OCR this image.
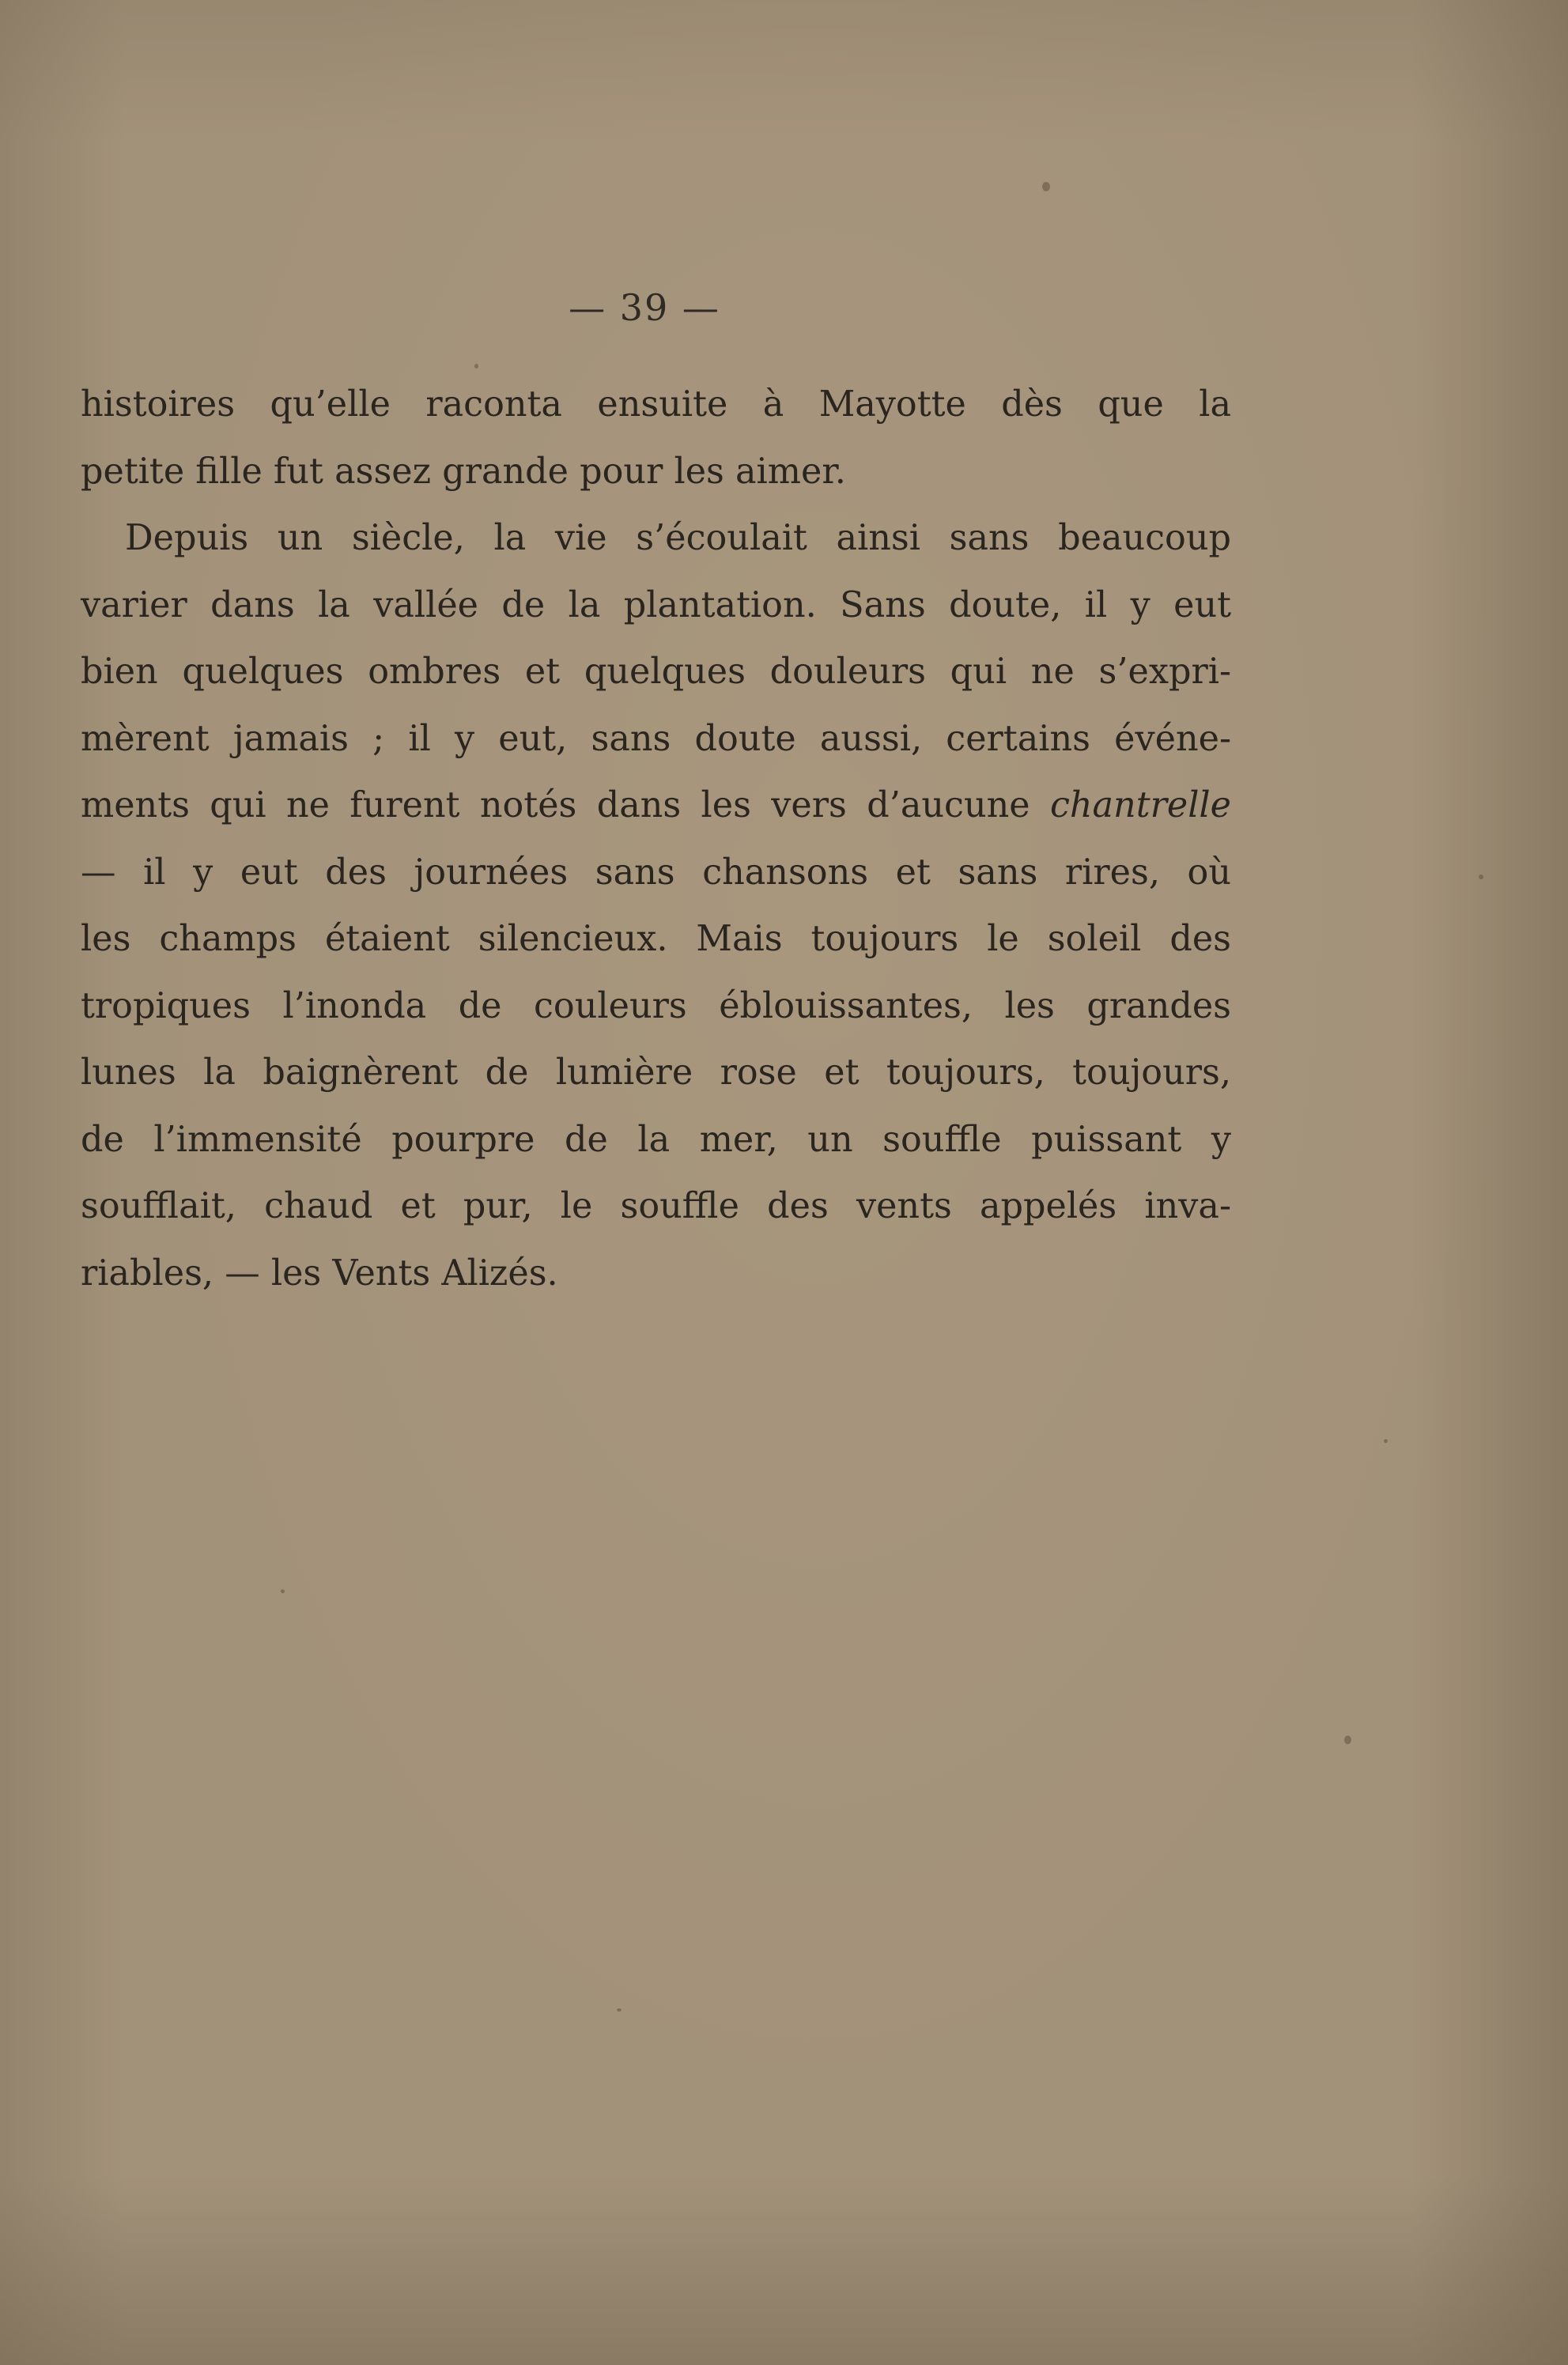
— 39 —
histoires qu’elle raconta ensuite à Mayotte dès que la
petite fille fut assez grande pour les aimer.
Depuis un siècle, la vie s’écoulait ainsi sans beaucoup
varier dans la vallée de la plantation. Sans doute, il y eut
bien quelques ombres et quelques douleurs qui ne s’expri-
mèrent jamais ; il y eut, sans doute aussi, certains événe-
ments qui ne furent notés dans les vers d’aucune chantrelle
— il y eut des journées sans chansons et sans rires, où
les champs étaient silencieux. Mais toujours le soleil des
tropiques l’inonda de couleurs éblouissantes, les grandes
lunes la baignèrent de lumière rose et toujours, toujours,
de l’immensité pourpre de la mer, un souffle puissant y
soufflait, chaud et pur, le souffle des vents appelés inva-
riables, — les Vents Alizés.
